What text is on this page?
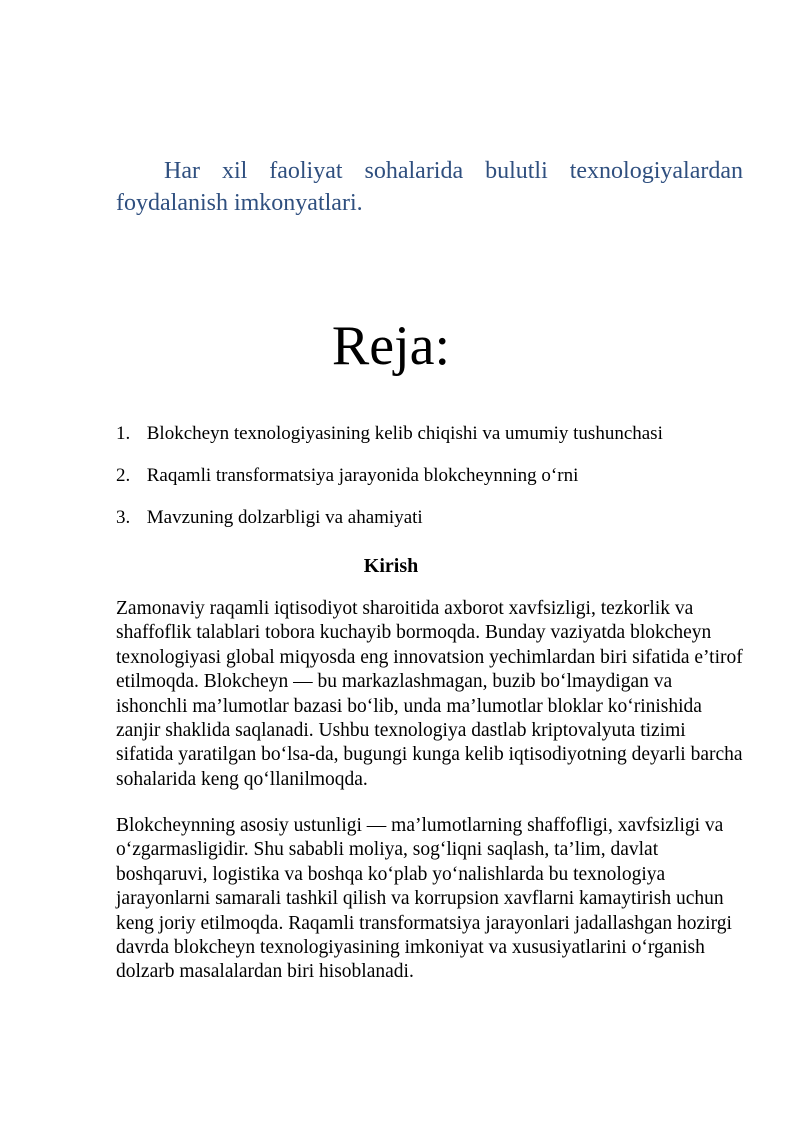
Har xil faoliyat sohalarida bulutli texnologiyalardan foydalanish imkonyatlari.
Reja:
1. Blokcheyn texnologiyasining kelib chiqishi va umumiy tushunchasi
2. Raqamli transformatsiya jarayonida blokcheynning o‘rni
3. Mavzuning dolzarbligi va ahamiyati
Kirish

Zamonaviy raqamli iqtisodiyot sharoitida axborot xavfsizligi, tezkorlik va shaffoflik talablari tobora kuchayib bormoqda. Bunday vaziyatda blokcheyn texnologiyasi global miqyosda eng innovatsion yechimlardan biri sifatida e’tirof etilmoqda. Blokcheyn — bu markazlashmagan, buzib bo‘lmaydigan va ishonchli ma’lumotlar bazasi bo‘lib, unda ma’lumotlar bloklar ko‘rinishida zanjir shaklida saqlanadi. Ushbu texnologiya dastlab kriptovalyuta tizimi sifatida yaratilgan bo‘lsa-da, bugungi kunga kelib iqtisodiyotning deyarli barcha sohalarida keng qo‘llanilmoqda.

Blokcheynning asosiy ustunligi — ma’lumotlarning shaffofligi, xavfsizligi va o‘zgarmasligidir. Shu sababli moliya, sog‘liqni saqlash, ta’lim, davlat boshqaruvi, logistika va boshqa ko‘plab yo‘nalishlarda bu texnologiya jarayonlarni samarali tashkil qilish va korrupsion xavflarni kamaytirish uchun keng joriy etilmoqda. Raqamli transformatsiya jarayonlari jadallashgan hozirgi davrda blokcheyn texnologiyasining imkoniyat va xususiyatlarini o‘rganish dolzarb masalalardan biri hisoblanadi.
